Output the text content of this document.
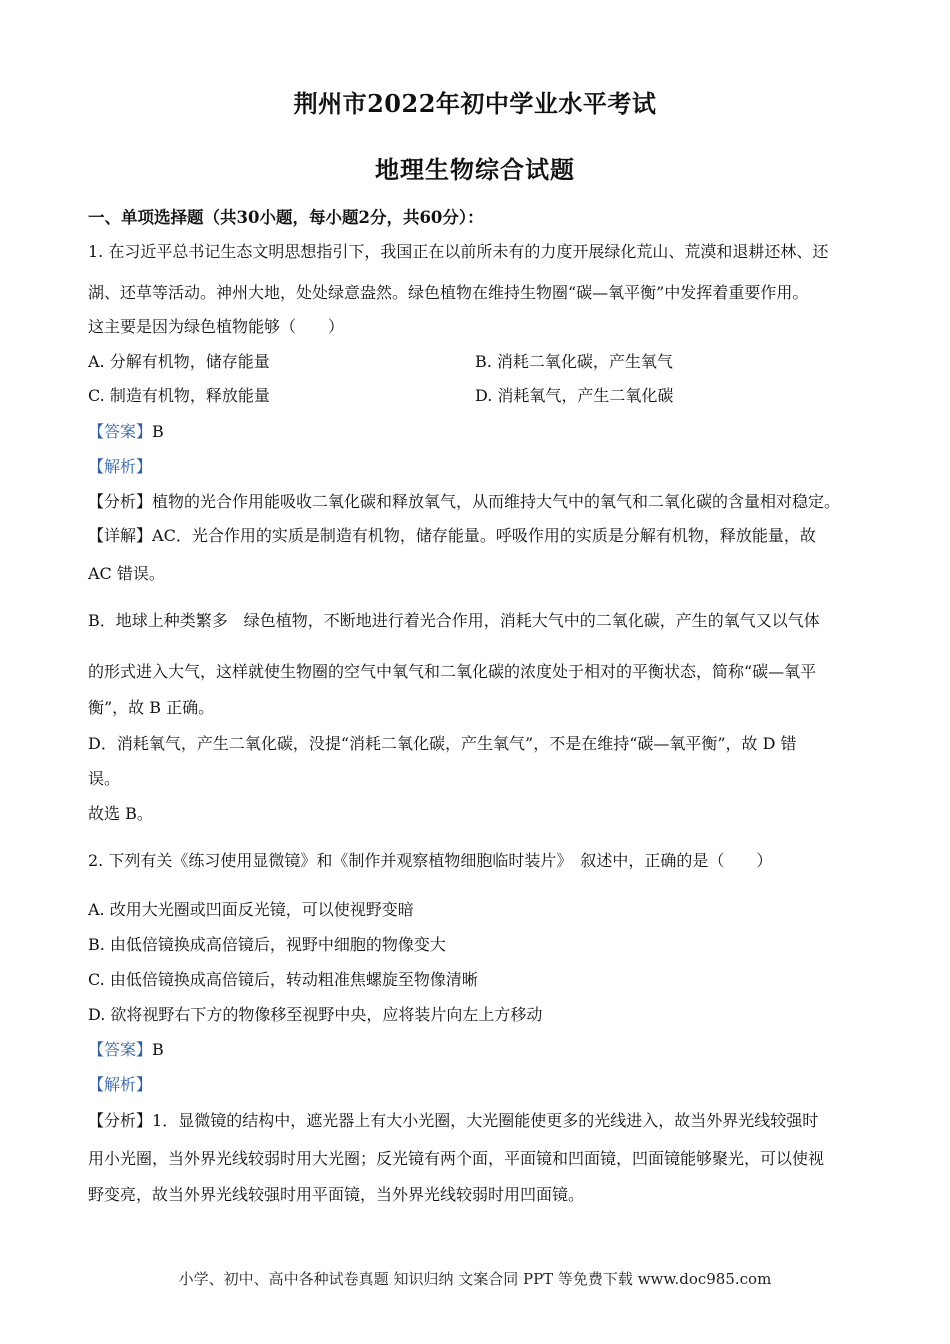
荆州市2022年初中学业水平考试
地理生物综合试题
一、单项选择题（共30小题，每小题2分，共60分）：
1. 在习近平总书记生态文明思想指引下，我国正在以前所未有的力度开展绿化荒山、荒漠和退耕还林、还
湖、还草等活动。神州大地，处处绿意盎然。绿色植物在维持生物圈“碳—氧平衡”中发挥着重要作用。
这主要是因为绿色植物能够（　　）
A. 分解有机物，储存能量	B. 消耗二氧化碳，产生氧气
C. 制造有机物，释放能量	D. 消耗氧气，产生二氧化碳
【答案】B
【解析】
【分析】植物的光合作用能吸收二氧化碳和释放氧气，从而维持大气中的氧气和二氧化碳的含量相对稳定。
【详解】AC．光合作用的实质是制造有机物，储存能量。呼吸作用的实质是分解有机物，释放能量，故
AC 错误。
B．地球上种类繁多　绿色植物，不断地进行着光合作用，消耗大气中的二氧化碳，产生的氧气又以气体
的形式进入大气，这样就使生物圈的空气中氧气和二氧化碳的浓度处于相对的平衡状态，简称“碳—氧平
衡”，故 B 正确。
D．消耗氧气，产生二氧化碳，没提“消耗二氧化碳，产生氧气”，不是在维持“碳—氧平衡”，故 D 错
误。
故选 B。
2. 下列有关《练习使用显微镜》和《制作并观察植物细胞临时装片》　叙述中，正确的是（　　）
A. 改用大光圈或凹面反光镜，可以使视野变暗
B. 由低倍镜换成高倍镜后，视野中细胞的物像变大
C. 由低倍镜换成高倍镜后，转动粗准焦螺旋至物像清晰
D. 欲将视野右下方的物像移至视野中央，应将装片向左上方移动
【答案】B
【解析】
【分析】1．显微镜的结构中，遮光器上有大小光圈，大光圈能使更多的光线进入，故当外界光线较强时
用小光圈，当外界光线较弱时用大光圈；反光镜有两个面，平面镜和凹面镜，凹面镜能够聚光，可以使视
野变亮，故当外界光线较强时用平面镜，当外界光线较弱时用凹面镜。
小学、初中、高中各种试卷真题 知识归纳 文案合同 PPT 等免费下载 www.doc985.com
